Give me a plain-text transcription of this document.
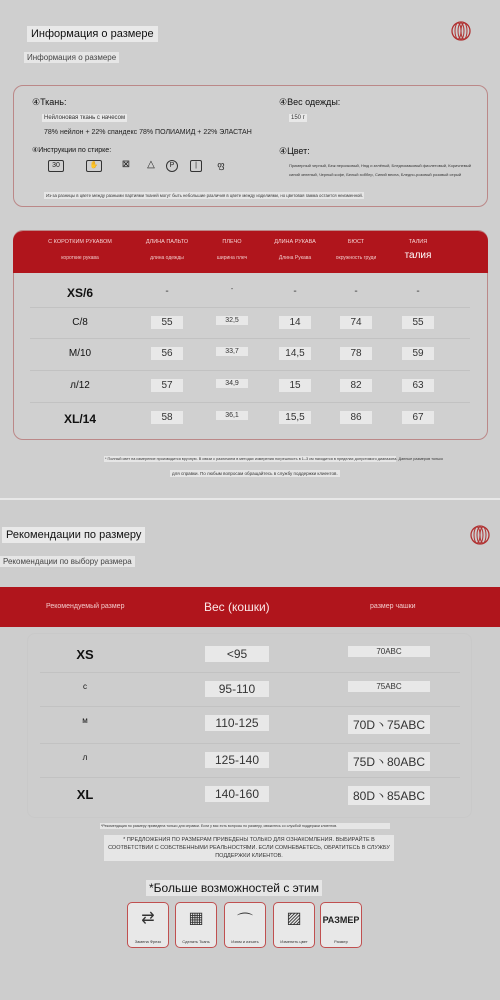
Информация о размере
Информация о размере
④Ткань:
Нейлоновая ткань с начесом
78% нейлон + 22% спандекс 78% ПОЛИАМИД + 22% ЭЛАСТАН
④Вес одежды:
150 г
④Инструкции по стирке:
30	✋	⊠	△	P	|	ფ
④Цвет:
Примерный черный, Беж персиковый, Нюд и зелёный, Бледномаковый фиолетовый, Коричневый синий зеленый, Черный кофе, Белый хоббер, Синий весна, Бледно-розовый розовый серый
Из-за разницы в цвете между разными партиями тканей могут быть небольшие различия в цвете между изделиями, но цветовая гамма остается неизменной.
С КОРОТКИМ РУКАВОМ	ДЛИНА ПАЛЬТО	ПЛЕЧО	ДЛИНА РУКАВА	БЮСТ	ТАЛИЯ
короткие рукава	длина одежды	ширина плеч	Длина Рукава	окружность груди	талия
XS/6	-	-	-	-	-
C/8	55	32,5	14	74	55
M/10	56	33,7	14,5	78	59
л/12	57	34,9	15	82	63
XL/14	58	36,1	15,5	86	67
* Полный свет на измерение производится вручную. В связи с различием в методах измерения погрешность в 1–3 см находится в пределах допустимого диапазона. Данные размеров только
для справки. По любым вопросам обращайтесь в службу поддержки клиентов.
Рекомендации по размеру
Рекомендации по выбору размера
Рекомендуемый размер	Вес (кошки)	размер чашки
XS	<95	70ABC
с	95-110	75ABC
м	110-125	70D丶75ABC
л	125-140	75D丶80ABC
XL	140-160	80D丶85ABC
*Рекомендация по размеру приведена только для справки. Если у вас есть вопросы по размеру, свяжитесь со службой поддержки клиентов.
* ПРЕДЛОЖЕНИЯ ПО РАЗМЕРАМ ПРИВЕДЕНЫ ТОЛЬКО ДЛЯ ОЗНАКОМЛЕНИЯ. ВЫБИРАЙТЕ В СООТВЕТСТВИИ С СОБСТВЕННЫМИ РЕАЛЬНОСТЯМИ. ЕСЛИ СОМНЕВАЕТЕСЬ, ОБРАТИТЕСЬ В СЛУЖБУ ПОДДЕРЖКИ КЛИЕНТОВ.
*Больше возможностей с этим
⇄
Замена Фрезо
▦
Сделать Ткань
⌒
Изюм и изъять
▨
Изменить цвет
РАЗМЕР
Размер
